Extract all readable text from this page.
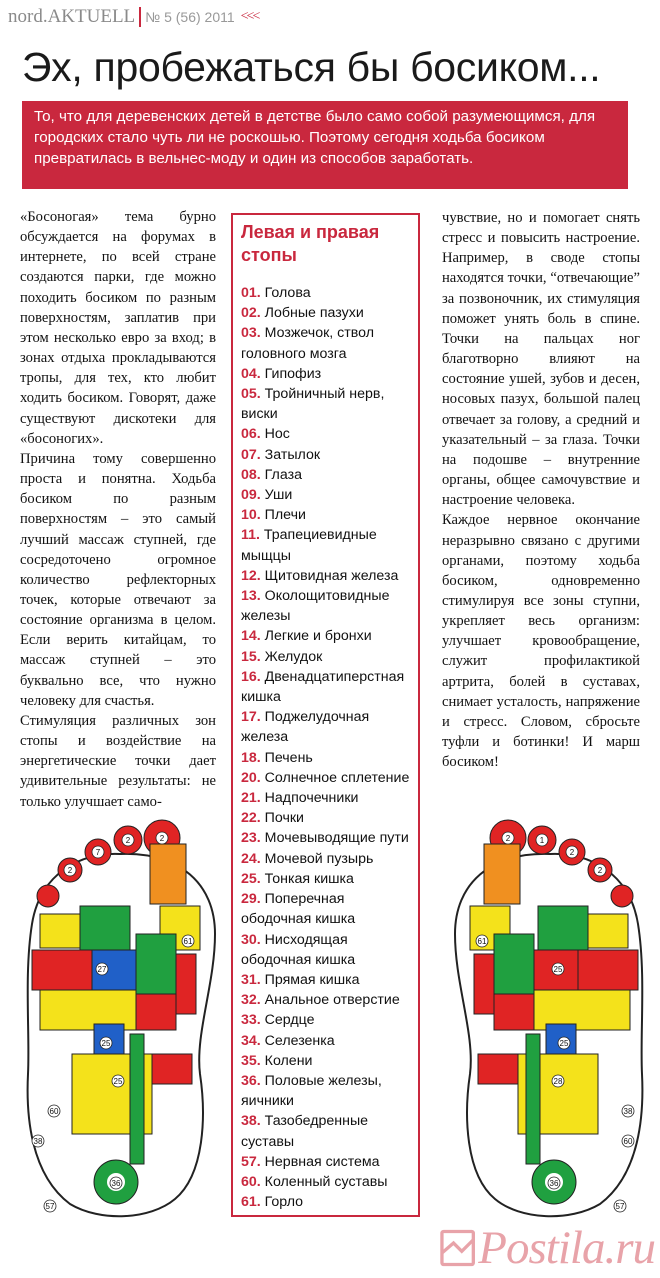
nord.AKTUELL № 5 (56) 2011 <<<
Эх, пробежаться бы босиком...

То, что для деревенских детей в детстве было само собой разумеющимся, для городских стало чуть ли не роскошью. Поэтому сегодня ходьба босиком превратилась в вельнес-моду и один из способов заработать.

«Босоногая» тема бурно обсуждается на форумах в интернете, по всей стране создаются парки, где можно походить босиком по разным поверхностям, заплатив при этом несколько евро за вход; в зонах отдыха прокладываются тропы, для тех, кто любит ходить босиком. Говорят, даже существуют дискотеки для «босоногих».

Причина тому совершенно проста и понятна. Ходьба босиком по разным поверхностям – это самый лучший массаж ступней, где сосредоточено огромное количество рефлекторных точек, которые отвечают за состояние организма в целом. Если верить китайцам, то массаж ступней – это буквально все, что нужно человеку для счастья.

Стимуляция различных зон стопы и воздействие на энергетические точки дает удивительные результаты: не только улучшает само-

Левая и правая стопы
01. Голова
02. Лобные пазухи
03. Мозжечок, ствол головного мозга
04. Гипофиз
05. Тройничный нерв, виски
06. Нос
07. Затылок
08. Глаза
09. Уши
10. Плечи
11. Трапециевидные мыщцы
12. Щитовидная железа
13. Околощитовидные железы
14. Легкие и бронхи
15. Желудок
16. Двенадцатиперстная кишка
17. Поджелудочная железа
18. Печень
20. Солнечное сплетение
21. Надпочечники
22. Почки
23. Мочевыводящие пути
24. Мочевой пузырь
25. Тонкая кишка
29. Поперечная ободочная кишка
30. Нисходящая ободочная кишка
31. Прямая кишка
32. Анальное отверстие
33. Сердце
34. Селезенка
35. Колени
36. Половые железы, яичники
38. Тазобедренные суставы
57. Нервная система
60. Коленный суставы
61. Горло

чувствие, но и помогает снять стресс и повысить настроение. Например, в своде стопы находятся точки, “отвечающие” за позвоночник, их стимуляция поможет унять боль в спине. Точки на пальцах ног благотворно влияют на состояние ушей, зубов и десен, носовых пазух, большой палец отвечает за голову, а средний и указательный – за глаза. Точки на подошве – внутренние органы, общее самочувствие и настроение человека.

Каждое нервное окончание неразрывно связано с другими органами, поэтому ходьба босиком, одновременно стимулируя все зоны ступни, укрепляет весь организм: улучшает кровообращение, служит профилактикой артрита, болей в суставах, снимает усталость, напряжение и стресс. Словом, сбросьте туфли и ботинки! И марш босиком!

2
2
7
2
61
25
25
27
36
57
60
38
2	1
2
2
61
28
25
25
38
60
36
57
Postila.ru
